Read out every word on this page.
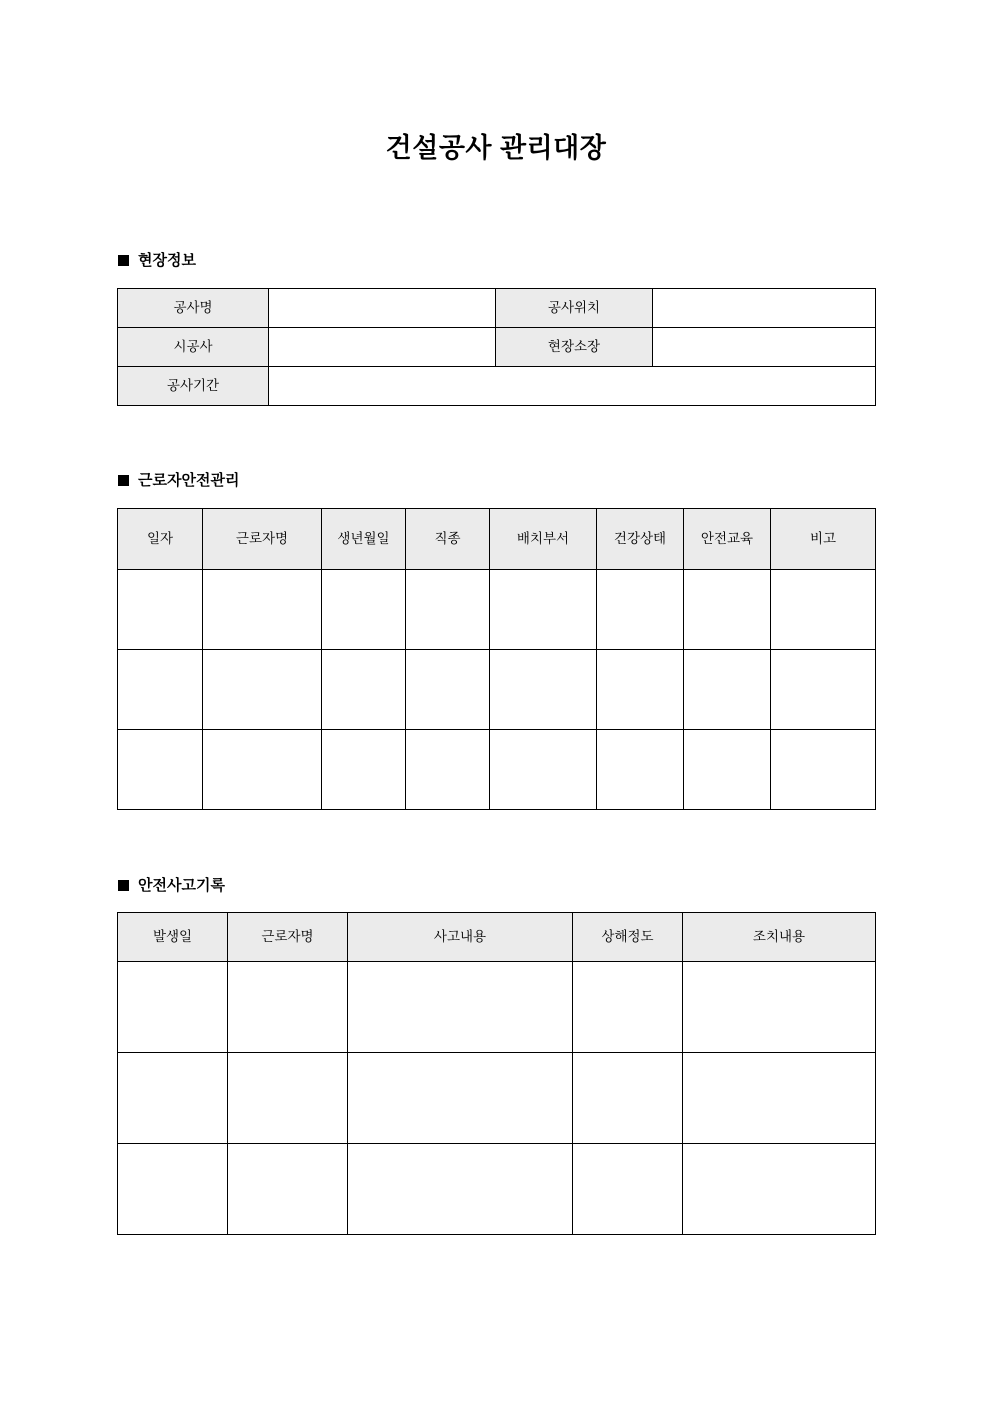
건설공사 관리대장
현장정보
공사명		공사위치	
시공사		현장소장	
공사기간			
근로자안전관리
일자	근로자명	생년월일	직종	배치부서	건강상태	안전교육	비고

안전사고기록
발생일	근로자명	사고내용	상해정도	조치내용
